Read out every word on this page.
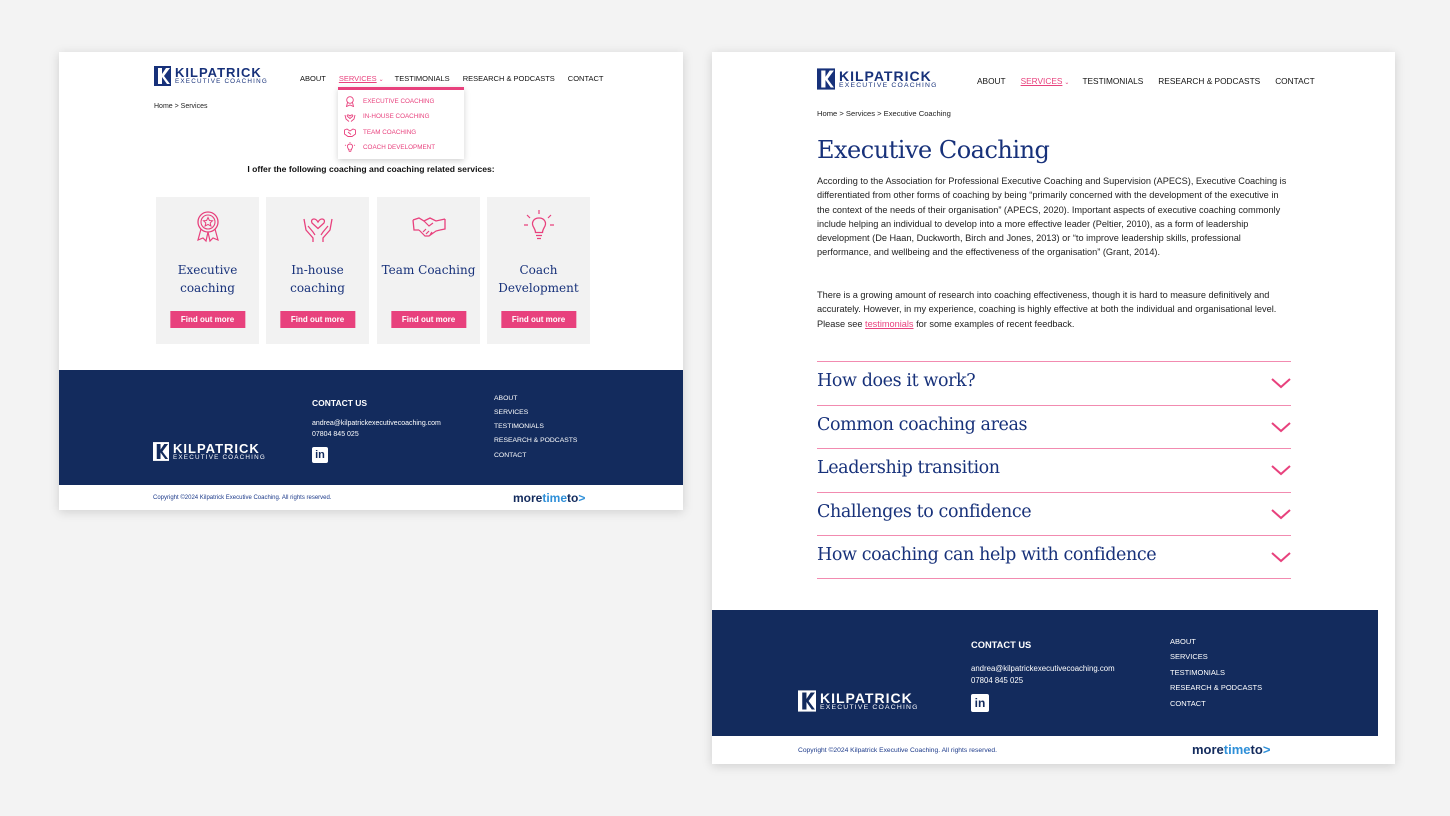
KILPATRICK
EXECUTIVE COACHING	ABOUT SERVICES ⌄ TESTIMONIALS RESEARCH & PODCASTS CONTACT
Home > Services
EXECUTIVE COACHING
IN-HOUSE COACHING
TEAM COACHING
COACH DEVELOPMENT
I offer the following coaching and coaching related services:
Executive coaching
Find out more
In-house coaching
Find out more
Team Coaching
Find out more
Coach Development
Find out more
KILPATRICK
EXECUTIVE COACHING
CONTACT US
andrea@kilpatrickexecutivecoaching.com
07804 845 025
in
ABOUT
SERVICES
TESTIMONIALS
RESEARCH & PODCASTS
CONTACT
Copyright ©2024 Kilpatrick Executive Coaching. All rights reserved.	moretimeto>
KILPATRICK
EXECUTIVE COACHING	ABOUT SERVICES ⌄ TESTIMONIALS RESEARCH & PODCASTS CONTACT
Home > Services > Executive Coaching
Executive Coaching
According to the Association for Professional Executive Coaching and Supervision (APECS), Executive Coaching is differentiated from other forms of coaching by being “primarily concerned with the development of the executive in the context of the needs of their organisation” (APECS, 2020). Important aspects of executive coaching commonly include helping an individual to develop into a more effective leader (Peltier, 2010), as a form of leadership development (De Haan, Duckworth, Birch and Jones, 2013) or “to improve leadership skills, professional performance, and wellbeing and the effectiveness of the organisation” (Grant, 2014).
There is a growing amount of research into coaching effectiveness, though it is hard to measure definitively and accurately. However, in my experience, coaching is highly effective at both the individual and organisational level. Please see testimonials for some examples of recent feedback.
How does it work?
Common coaching areas
Leadership transition
Challenges to confidence
How coaching can help with confidence
KILPATRICK
EXECUTIVE COACHING
CONTACT US
andrea@kilpatrickexecutivecoaching.com
07804 845 025
in
ABOUT
SERVICES
TESTIMONIALS
RESEARCH & PODCASTS
CONTACT
Copyright ©2024 Kilpatrick Executive Coaching. All rights reserved.	moretimeto>
